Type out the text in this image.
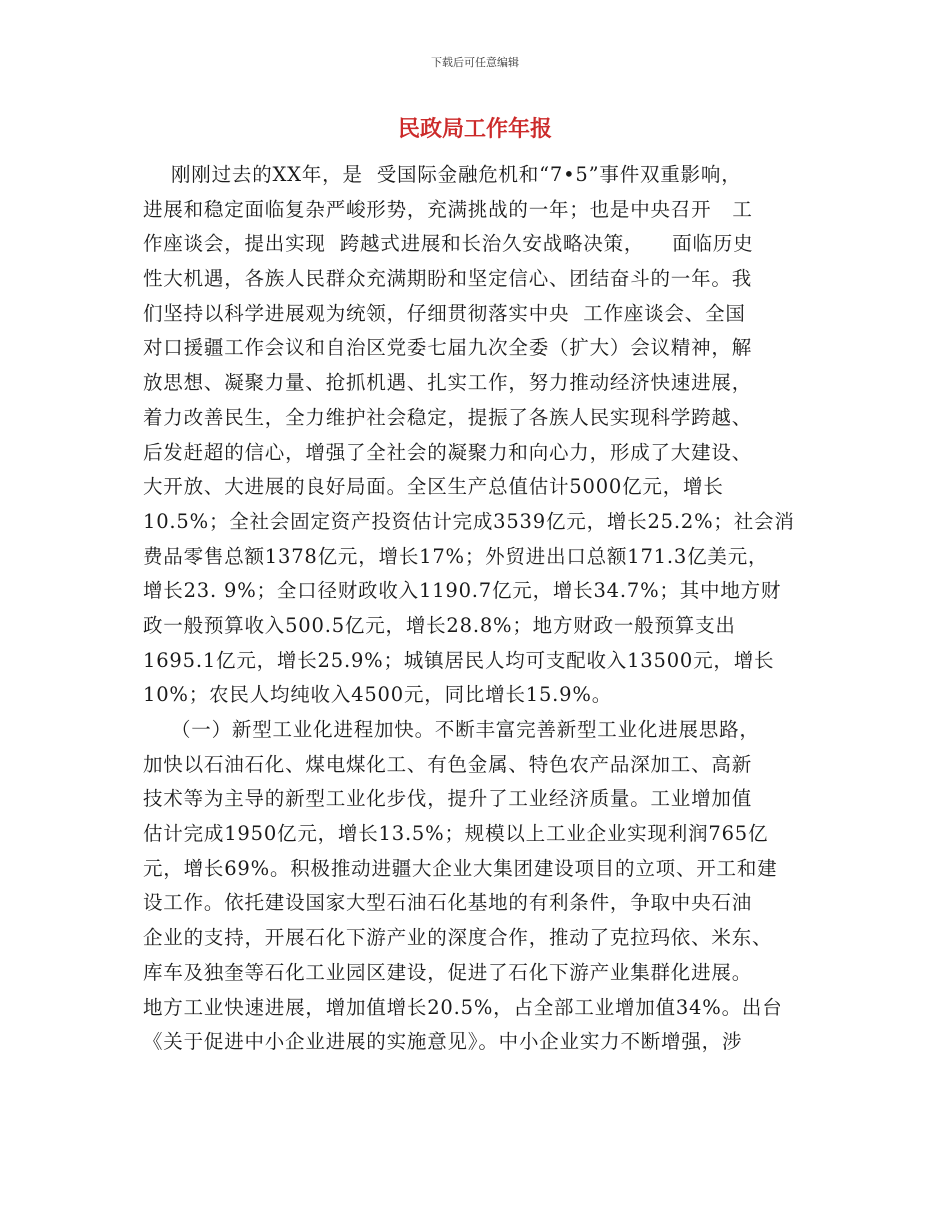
下载后可任意编辑
民政局工作年报
刚刚过去的XX年，是  受国际金融危机和“7•5”事件双重影响，
进展和稳定面临复杂严峻形势，充满挑战的一年；也是中央召开   工
作座谈会，提出实现  跨越式进展和长治久安战略决策，    面临历史
性大机遇，各族人民群众充满期盼和坚定信心、团结奋斗的一年。我
们坚持以科学进展观为统领，仔细贯彻落实中央  工作座谈会、全国
对口援疆工作会议和自治区党委七届九次全委（扩大）会议精神，解
放思想、凝聚力量、抢抓机遇、扎实工作，努力推动经济快速进展，
着力改善民生，全力维护社会稳定，提振了各族人民实现科学跨越、
后发赶超的信心，增强了全社会的凝聚力和向心力，形成了大建设、
大开放、大进展的良好局面。全区生产总值估计5000亿元，增长
10.5%；全社会固定资产投资估计完成3539亿元，增长25.2%；社会消
费品零售总额1378亿元，增长17%；外贸进出口总额171.3亿美元，
增长23. 9%；全口径财政收入1190.7亿元，增长34.7%；其中地方财
政一般预算收入500.5亿元，增长28.8%；地方财政一般预算支出
1695.1亿元，增长25.9%；城镇居民人均可支配收入13500元，增长
10%；农民人均纯收入4500元，同比增长15.9%。
（一）新型工业化进程加快。不断丰富完善新型工业化进展思路，
加快以石油石化、煤电煤化工、有色金属、特色农产品深加工、高新
技术等为主导的新型工业化步伐，提升了工业经济质量。工业增加值
估计完成1950亿元，增长13.5%；规模以上工业企业实现利润765亿
元，增长69%。积极推动进疆大企业大集团建设项目的立项、开工和建
设工作。依托建设国家大型石油石化基地的有利条件，争取中央石油
企业的支持，开展石化下游产业的深度合作，推动了克拉玛依、米东、
库车及独奎等石化工业园区建设，促进了石化下游产业集群化进展。
地方工业快速进展，增加值增长20.5%，占全部工业增加值34%。出台
《关于促进中小企业进展的实施意见》。中小企业实力不断增强，涉
